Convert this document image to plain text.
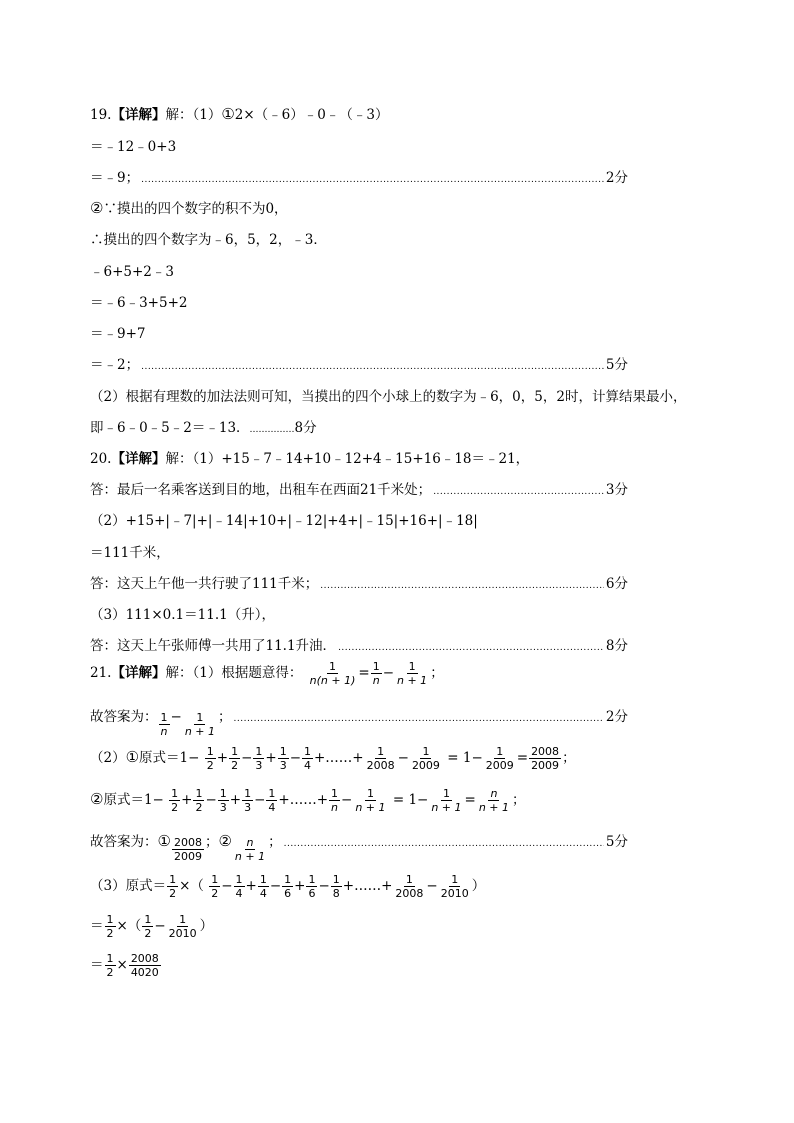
19.【详解】解：（1）①2×（﹣6）﹣0﹣（﹣3）
＝﹣12﹣0+3
＝﹣9； .....	2分
②∵摸出的四个数字的积不为0，
∴摸出的四个数字为﹣6，5，2，﹣3．
﹣6+5+2﹣3
＝﹣6﹣3+5+2
＝﹣9+7
＝﹣2； .....	5分
（2）根据有理数的加法法则可知，当摸出的四个小球上的数字为﹣6，0，5，2时，计算结果最小，
即﹣6﹣0﹣5﹣2＝﹣13．……………8分
20.【详解】解：（1）+15﹣7﹣14+10﹣12+4﹣15+16﹣18＝﹣21，
答：最后一名乘客送到目的地，出租车在西面21千米处； .....	3分
（2）+15+|﹣7|+|﹣14|+10+|﹣12|+4+|﹣15|+16+|﹣18|
＝111千米，
答：这天上午他一共行驶了111千米； .....	6分
（3）111×0.1＝11.1（升），
答：这天上午张师傅一共用了11.1升油． .....	8分
21.【详解】解：（1）根据题意得： $\frac{1}{n(n + 1)} = \frac{1}{n} - \frac{1}{n + 1}$ ；
故答案为： 1
n
− $\frac{1}{n + 1}$ ； .....	2分
（2）①原式$=1- \frac{1}{2} + \frac{1}{2} - \frac{1}{3} + \frac{1}{3} - \frac{1}{4}$ +……+ $\frac{1}{2008} - \frac{1}{2009} = 1- \frac{1}{2009} = \frac{2008}{2009}$ ；
②原式$=1- \frac{1}{2} + \frac{1}{2} - \frac{1}{3} + \frac{1}{3} - \frac{1}{4}$ +……+ $\frac{1}{n} - \frac{1}{n + 1} = 1- \frac{1}{n + 1} = \frac{n}{n + 1}$ ；
故答案为： ① 2008
2009
； ② n
n + 1
； .....	5分
（3）原式＝ $\frac{1}{2}$ ×（ $\frac{1}{2} - \frac{1}{4} + \frac{1}{4} - \frac{1}{6} + \frac{1}{6} - \frac{1}{8}$ +……+ $\frac{1}{2008} - \frac{1}{2010}$ ）
＝ $\frac{1}{2}$ ×（ $\frac{1}{2} - \frac{1}{2010}$ ）
＝ $\frac{1}{2} \times \frac{2008}{4020}$
